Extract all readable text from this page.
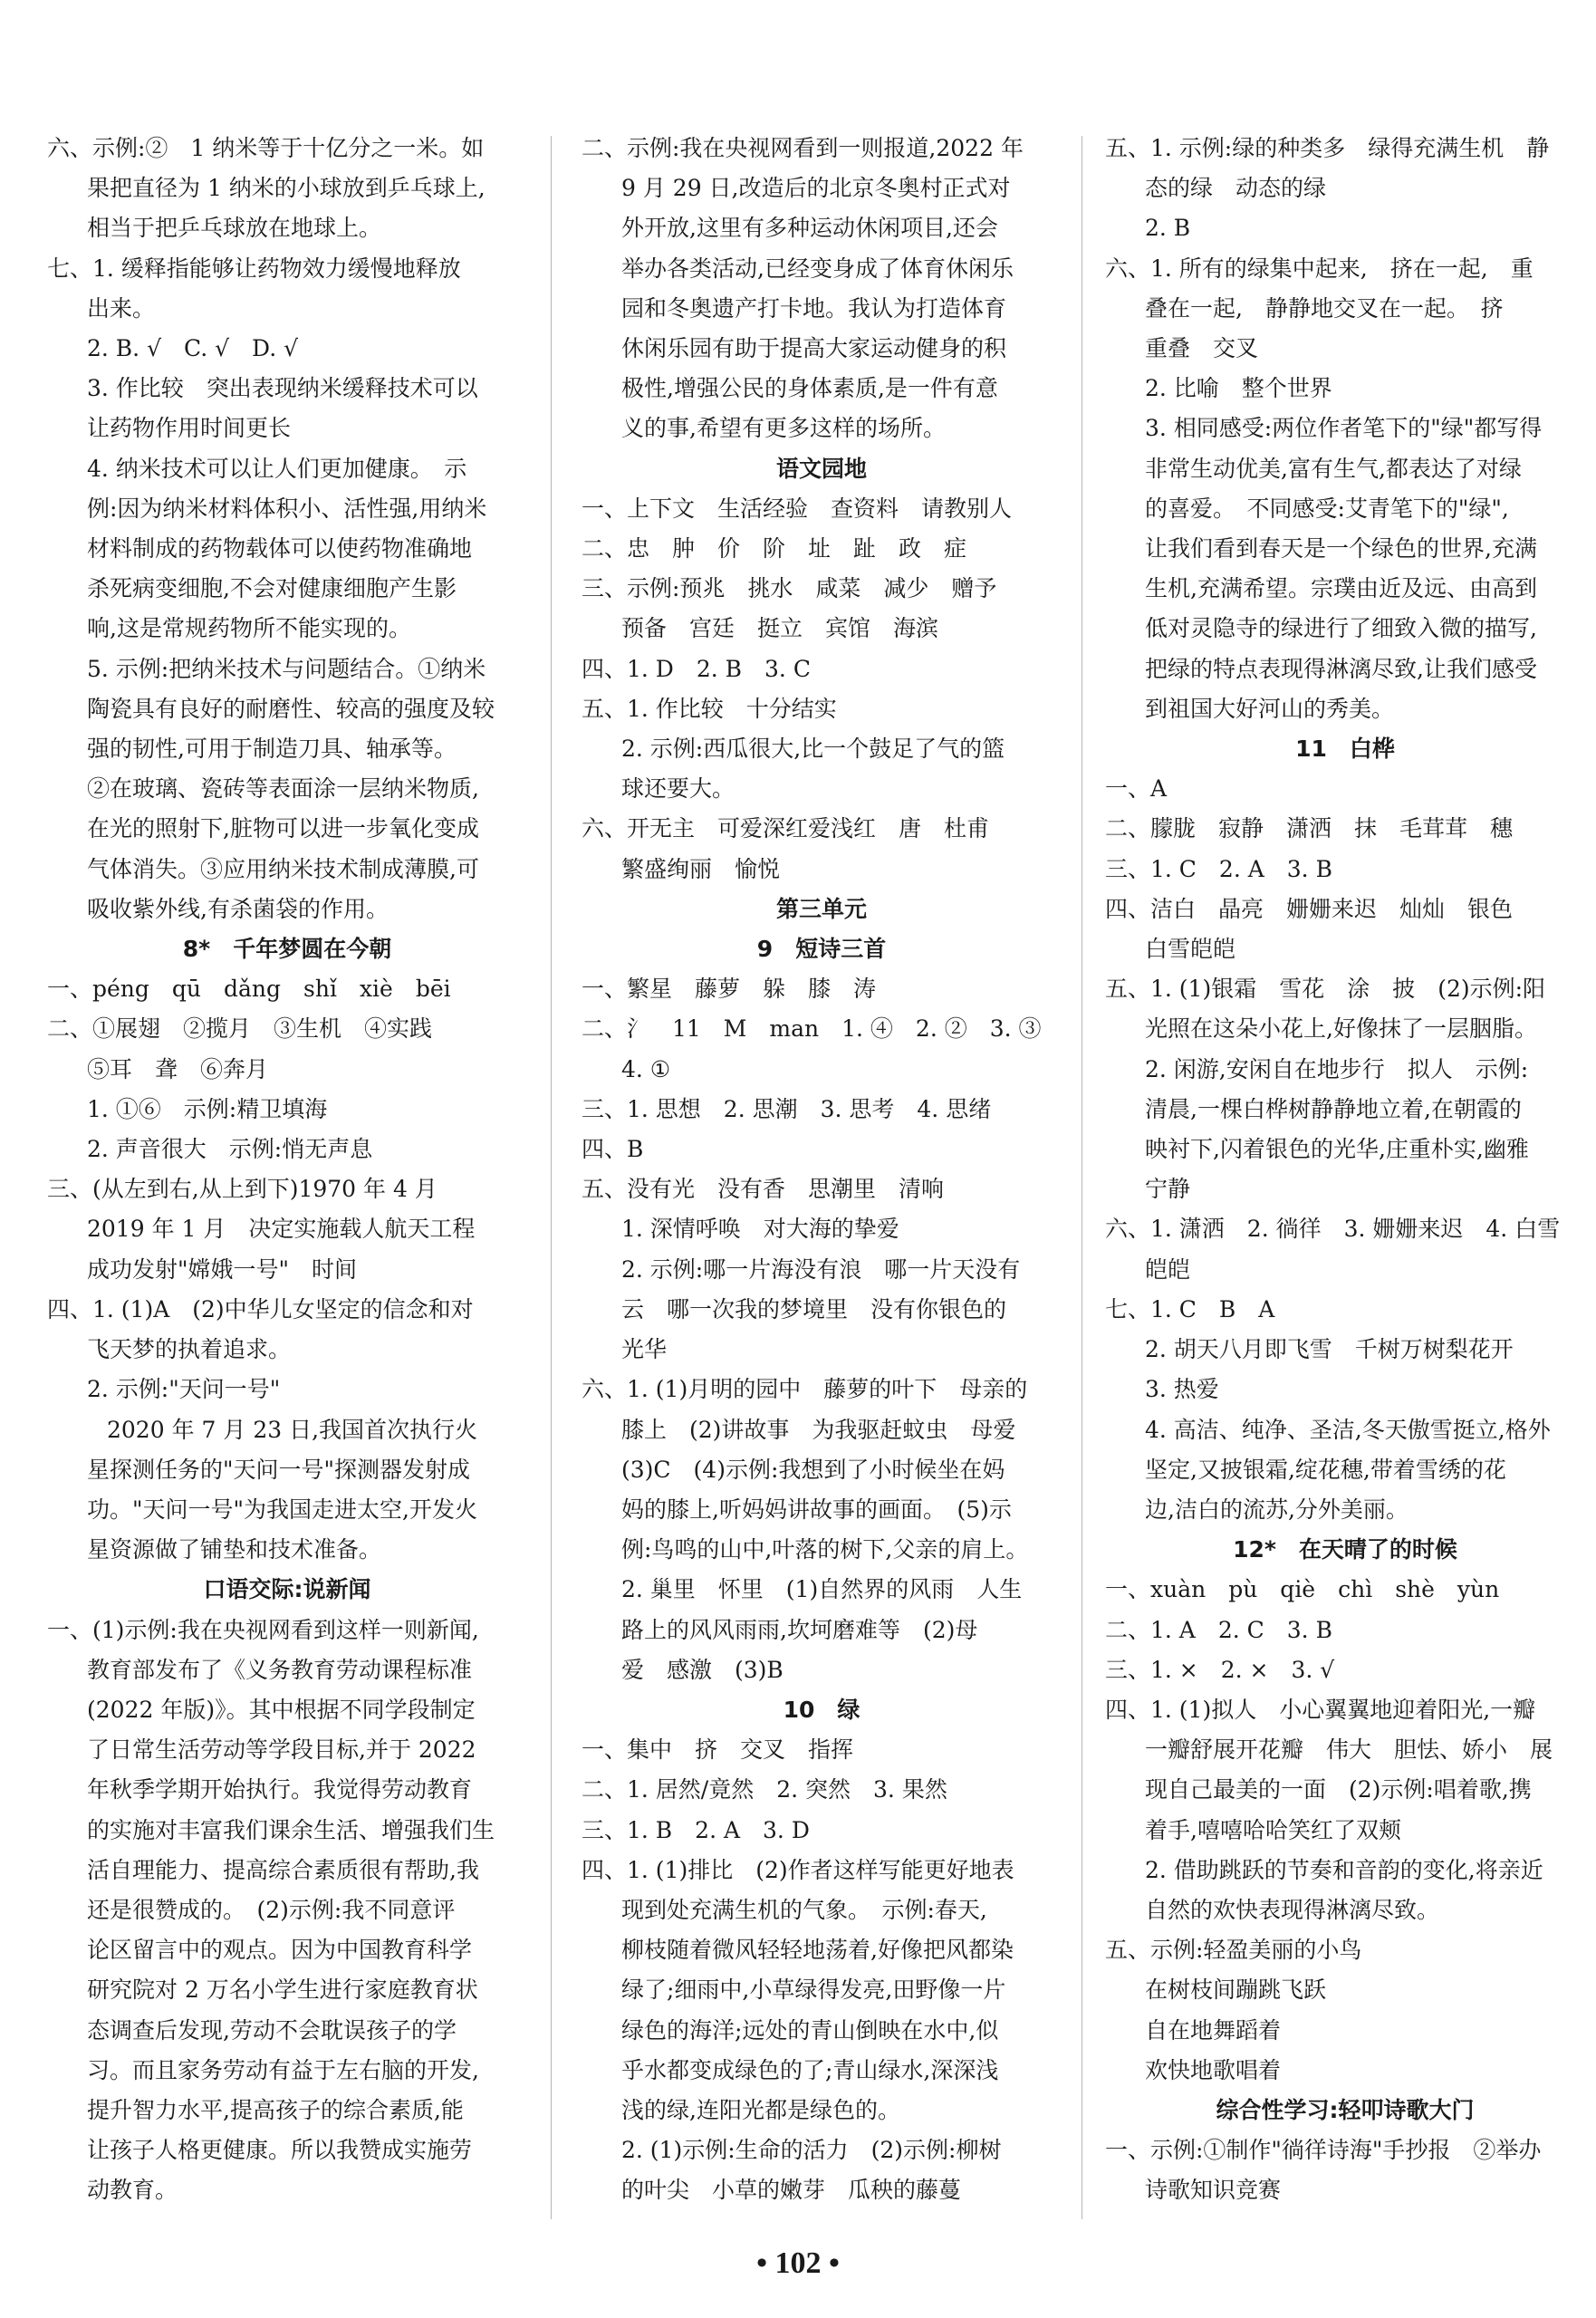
六、示例:②　1 纳米等于十亿分之一米。如
果把直径为 1 纳米的小球放到乒乓球上,
相当于把乒乓球放在地球上。
七、1. 缓释指能够让药物效力缓慢地释放
出来。
2. B. √　C. √　D. √
3. 作比较　突出表现纳米缓释技术可以
让药物作用时间更长
4. 纳米技术可以让人们更加健康。　示
例:因为纳米材料体积小、活性强,用纳米
材料制成的药物载体可以使药物准确地
杀死病变细胞,不会对健康细胞产生影
响,这是常规药物所不能实现的。
5. 示例:把纳米技术与问题结合。①纳米
陶瓷具有良好的耐磨性、较高的强度及较
强的韧性,可用于制造刀具、轴承等。
②在玻璃、瓷砖等表面涂一层纳米物质,
在光的照射下,脏物可以进一步氧化变成
气体消失。③应用纳米技术制成薄膜,可
吸收紫外线,有杀菌袋的作用。
8*　千年梦圆在今朝
一、péng　qū　dǎng　shǐ　xiè　bēi
二、①展翅　②揽月　③生机　④实践
⑤耳　聋　⑥奔月
1. ①⑥　示例:精卫填海
2. 声音很大　示例:悄无声息
三、(从左到右,从上到下)1970 年 4 月
2019 年 1 月　决定实施载人航天工程
成功发射"嫦娥一号"　时间
四、1. (1)A　(2)中华儿女坚定的信念和对
飞天梦的执着追求。
2. 示例:"天问一号"
2020 年 7 月 23 日,我国首次执行火
星探测任务的"天问一号"探测器发射成
功。"天问一号"为我国走进太空,开发火
星资源做了铺垫和技术准备。
口语交际:说新闻
一、(1)示例:我在央视网看到这样一则新闻,
教育部发布了《义务教育劳动课程标准
(2022 年版)》。其中根据不同学段制定
了日常生活劳动等学段目标,并于 2022
年秋季学期开始执行。我觉得劳动教育
的实施对丰富我们课余生活、增强我们生
活自理能力、提高综合素质很有帮助,我
还是很赞成的。　(2)示例:我不同意评
论区留言中的观点。因为中国教育科学
研究院对 2 万名小学生进行家庭教育状
态调查后发现,劳动不会耽误孩子的学
习。而且家务劳动有益于左右脑的开发,
提升智力水平,提高孩子的综合素质,能
让孩子人格更健康。所以我赞成实施劳
动教育。
二、示例:我在央视网看到一则报道,2022 年
9 月 29 日,改造后的北京冬奥村正式对
外开放,这里有多种运动休闲项目,还会
举办各类活动,已经变身成了体育休闲乐
园和冬奥遗产打卡地。我认为打造体育
休闲乐园有助于提高大家运动健身的积
极性,增强公民的身体素质,是一件有意
义的事,希望有更多这样的场所。
语文园地
一、上下文　生活经验　查资料　请教别人
二、忠　肿　价　阶　址　趾　政　症
三、示例:预兆　挑水　咸菜　减少　赠予
预备　宫廷　挺立　宾馆　海滨
四、1. D　2. B　3. C
五、1. 作比较　十分结实
2. 示例:西瓜很大,比一个鼓足了气的篮
球还要大。
六、开无主　可爱深红爱浅红　唐　杜甫
繁盛绚丽　愉悦
第三单元
9　短诗三首
一、繁星　藤萝　躲　膝　涛
二、氵　11　M　man　1. ④　2. ②　3. ③
4. ①
三、1. 思想　2. 思潮　3. 思考　4. 思绪
四、B
五、没有光　没有香　思潮里　清响
1. 深情呼唤　对大海的挚爱
2. 示例:哪一片海没有浪　哪一片天没有
云　哪一次我的梦境里　没有你银色的
光华
六、1. (1)月明的园中　藤萝的叶下　母亲的
膝上　(2)讲故事　为我驱赶蚊虫　母爱
(3)C　(4)示例:我想到了小时候坐在妈
妈的膝上,听妈妈讲故事的画面。　(5)示
例:鸟鸣的山中,叶落的树下,父亲的肩上。
2. 巢里　怀里　(1)自然界的风雨　人生
路上的风风雨雨,坎坷磨难等　(2)母
爱　感激　(3)B
10　绿
一、集中　挤　交叉　指挥
二、1. 居然/竟然　2. 突然　3. 果然
三、1. B　2. A　3. D
四、1. (1)排比　(2)作者这样写能更好地表
现到处充满生机的气象。　示例:春天,
柳枝随着微风轻轻地荡着,好像把风都染
绿了;细雨中,小草绿得发亮,田野像一片
绿色的海洋;远处的青山倒映在水中,似
乎水都变成绿色的了;青山绿水,深深浅
浅的绿,连阳光都是绿色的。
2. (1)示例:生命的活力　(2)示例:柳树
的叶尖　小草的嫩芽　瓜秧的藤蔓
五、1. 示例:绿的种类多　绿得充满生机　静
态的绿　动态的绿
2. B
六、1. 所有的绿集中起来,　挤在一起,　重
叠在一起,　静静地交叉在一起。　挤
重叠　交叉
2. 比喻　整个世界
3. 相同感受:两位作者笔下的"绿"都写得
非常生动优美,富有生气,都表达了对绿
的喜爱。　不同感受:艾青笔下的"绿",
让我们看到春天是一个绿色的世界,充满
生机,充满希望。宗璞由近及远、由高到
低对灵隐寺的绿进行了细致入微的描写,
把绿的特点表现得淋漓尽致,让我们感受
到祖国大好河山的秀美。
11　白桦
一、A
二、朦胧　寂静　潇洒　抹　毛茸茸　穗
三、1. C　2. A　3. B
四、洁白　晶亮　姗姗来迟　灿灿　银色
白雪皑皑
五、1. (1)银霜　雪花　涂　披　(2)示例:阳
光照在这朵小花上,好像抹了一层胭脂。
2. 闲游,安闲自在地步行　拟人　示例:
清晨,一棵白桦树静静地立着,在朝霞的
映衬下,闪着银色的光华,庄重朴实,幽雅
宁静
六、1. 潇洒　2. 徜徉　3. 姗姗来迟　4. 白雪
皑皑
七、1. C　B　A
2. 胡天八月即飞雪　千树万树梨花开
3. 热爱
4. 高洁、纯净、圣洁,冬天傲雪挺立,格外
坚定,又披银霜,绽花穗,带着雪绣的花
边,洁白的流苏,分外美丽。
12*　在天晴了的时候
一、xuàn　pù　qiè　chì　shè　yùn
二、1. A　2. C　3. B
三、1. ×　2. ×　3. √
四、1. (1)拟人　小心翼翼地迎着阳光,一瓣
一瓣舒展开花瓣　伟大　胆怯、娇小　展
现自己最美的一面　(2)示例:唱着歌,携
着手,嘻嘻哈哈笑红了双颊
2. 借助跳跃的节奏和音韵的变化,将亲近
自然的欢快表现得淋漓尽致。
五、示例:轻盈美丽的小鸟
在树枝间蹦跳飞跃
自在地舞蹈着
欢快地歌唱着
综合性学习:轻叩诗歌大门
一、示例:①制作"徜徉诗海"手抄报　②举办
诗歌知识竞赛
• 102 •
